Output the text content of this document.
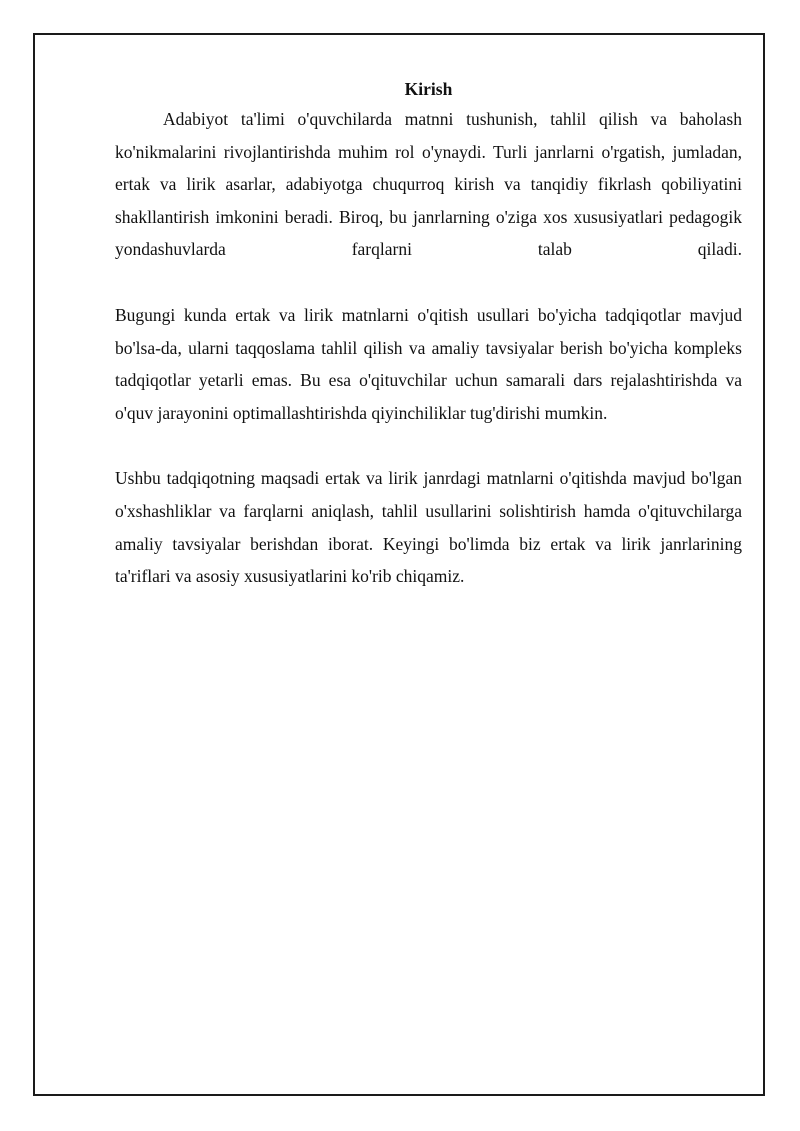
Kirish

Adabiyot ta'limi o'quvchilarda matnni tushunish, tahlil qilish va baholash ko'nikmalarini rivojlantirishda muhim rol o'ynaydi. Turli janrlarni o'rgatish, jumladan, ertak va lirik asarlar, adabiyotga chuqurroq kirish va tanqidiy fikrlash qobiliyatini shakllantirish imkonini beradi. Biroq, bu janrlarning o'ziga xos xususiyatlari pedagogik yondashuvlarda farqlarni talab qiladi.

Bugungi kunda ertak va lirik matnlarni o'qitish usullari bo'yicha tadqiqotlar mavjud bo'lsa-da, ularni taqqoslama tahlil qilish va amaliy tavsiyalar berish bo'yicha kompleks tadqiqotlar yetarli emas. Bu esa o'qituvchilar uchun samarali dars rejalashtirishda va o'quv jarayonini optimallashtirishda qiyinchiliklar tug'dirishi mumkin.

Ushbu tadqiqotning maqsadi ertak va lirik janrdagi matnlarni o'qitishda mavjud bo'lgan o'xshashliklar va farqlarni aniqlash, tahlil usullarini solishtirish hamda o'qituvchilarga amaliy tavsiyalar berishdan iborat. Keyingi bo'limda biz ertak va lirik janrlarining ta'riflari va asosiy xususiyatlarini ko'rib chiqamiz.
